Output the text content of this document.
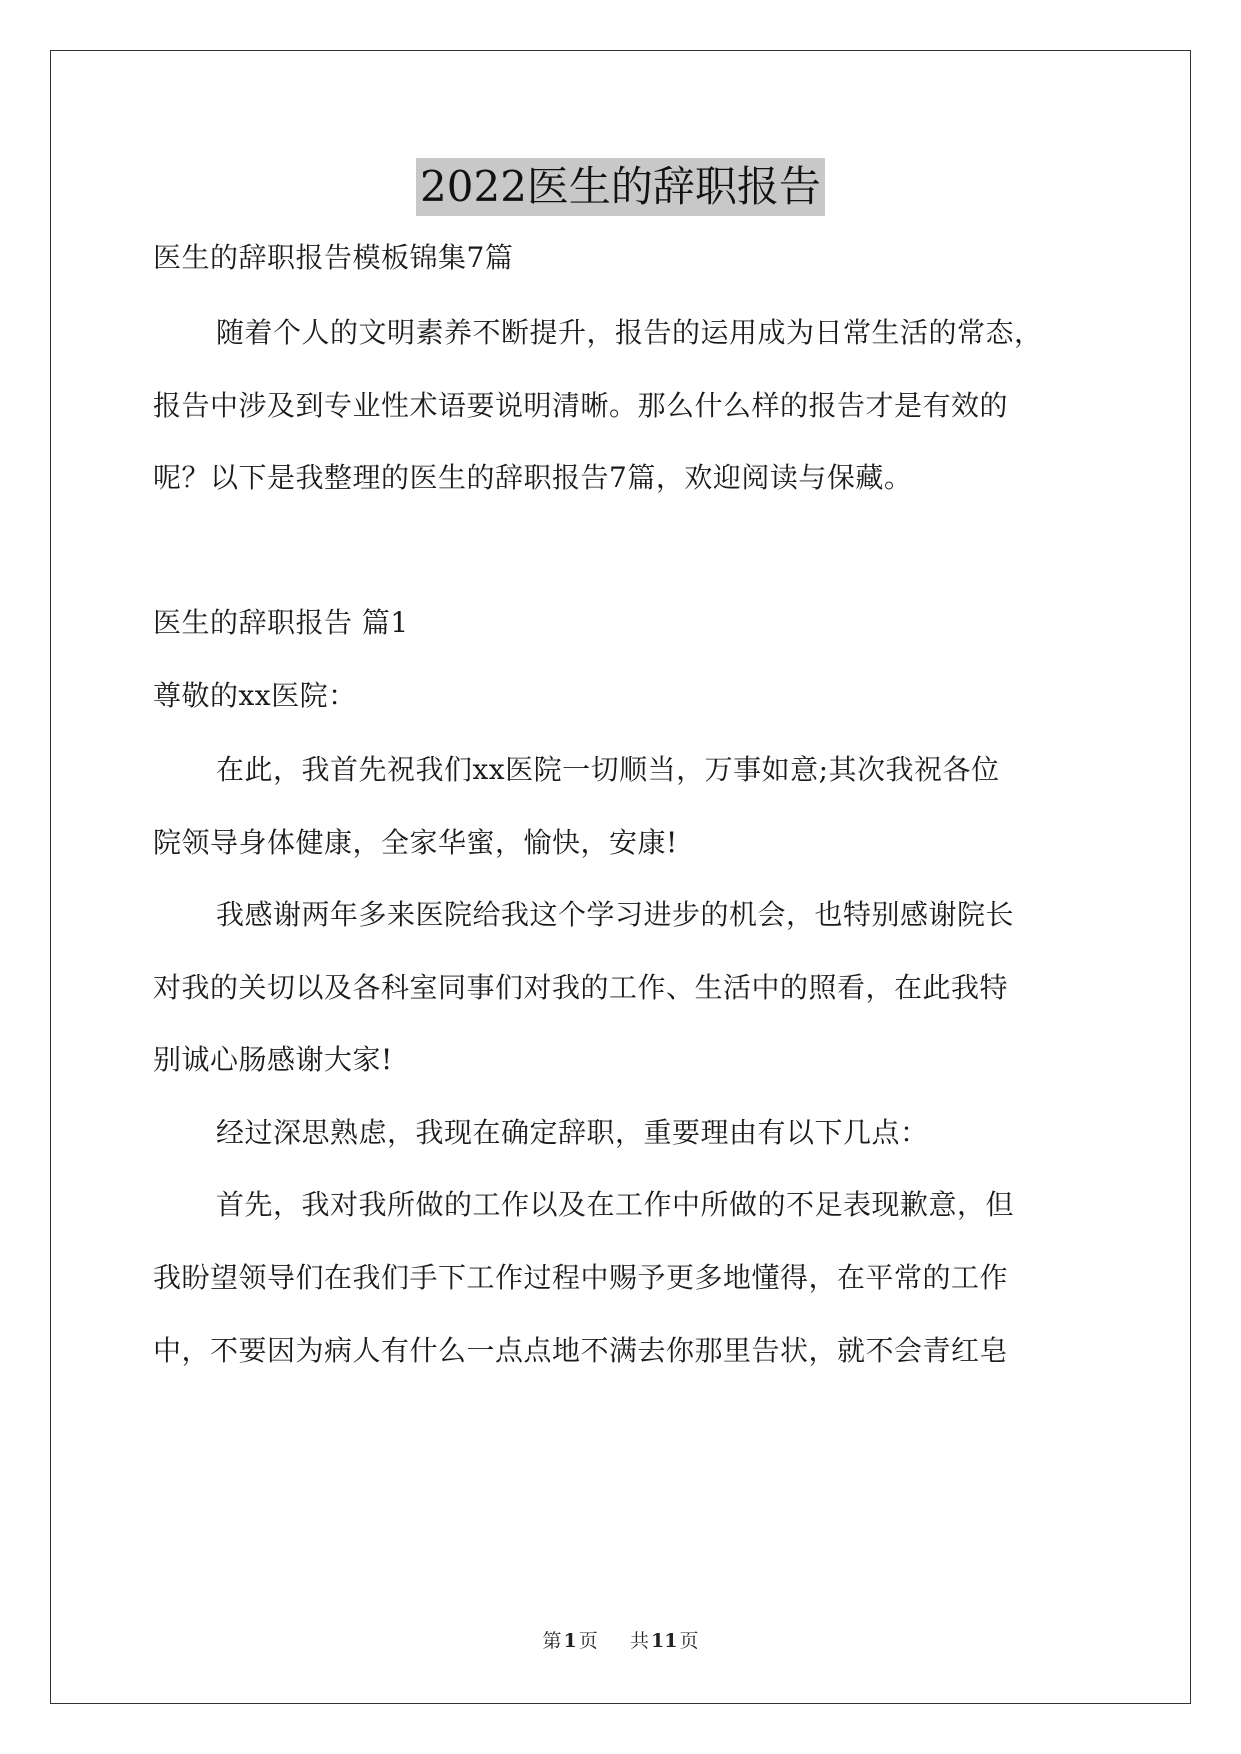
2022医生的辞职报告
医生的辞职报告模板锦集7篇
随着个人的文明素养不断提升，报告的运用成为日常生活的常态，
报告中涉及到专业性术语要说明清晰。那么什么样的报告才是有效的
呢？以下是我整理的医生的辞职报告7篇，欢迎阅读与保藏。
医生的辞职报告 篇1
尊敬的xx医院：
在此，我首先祝我们xx医院一切顺当，万事如意;其次我祝各位
院领导身体健康，全家华蜜，愉快，安康!
我感谢两年多来医院给我这个学习进步的机会，也特别感谢院长
对我的关切以及各科室同事们对我的工作、生活中的照看，在此我特
别诚心肠感谢大家!
经过深思熟虑，我现在确定辞职，重要理由有以下几点：
首先，我对我所做的工作以及在工作中所做的不足表现歉意，但
我盼望领导们在我们手下工作过程中赐予更多地懂得，在平常的工作
中，不要因为病人有什么一点点地不满去你那里告状，就不会青红皂
第 1 页 共 11 页
